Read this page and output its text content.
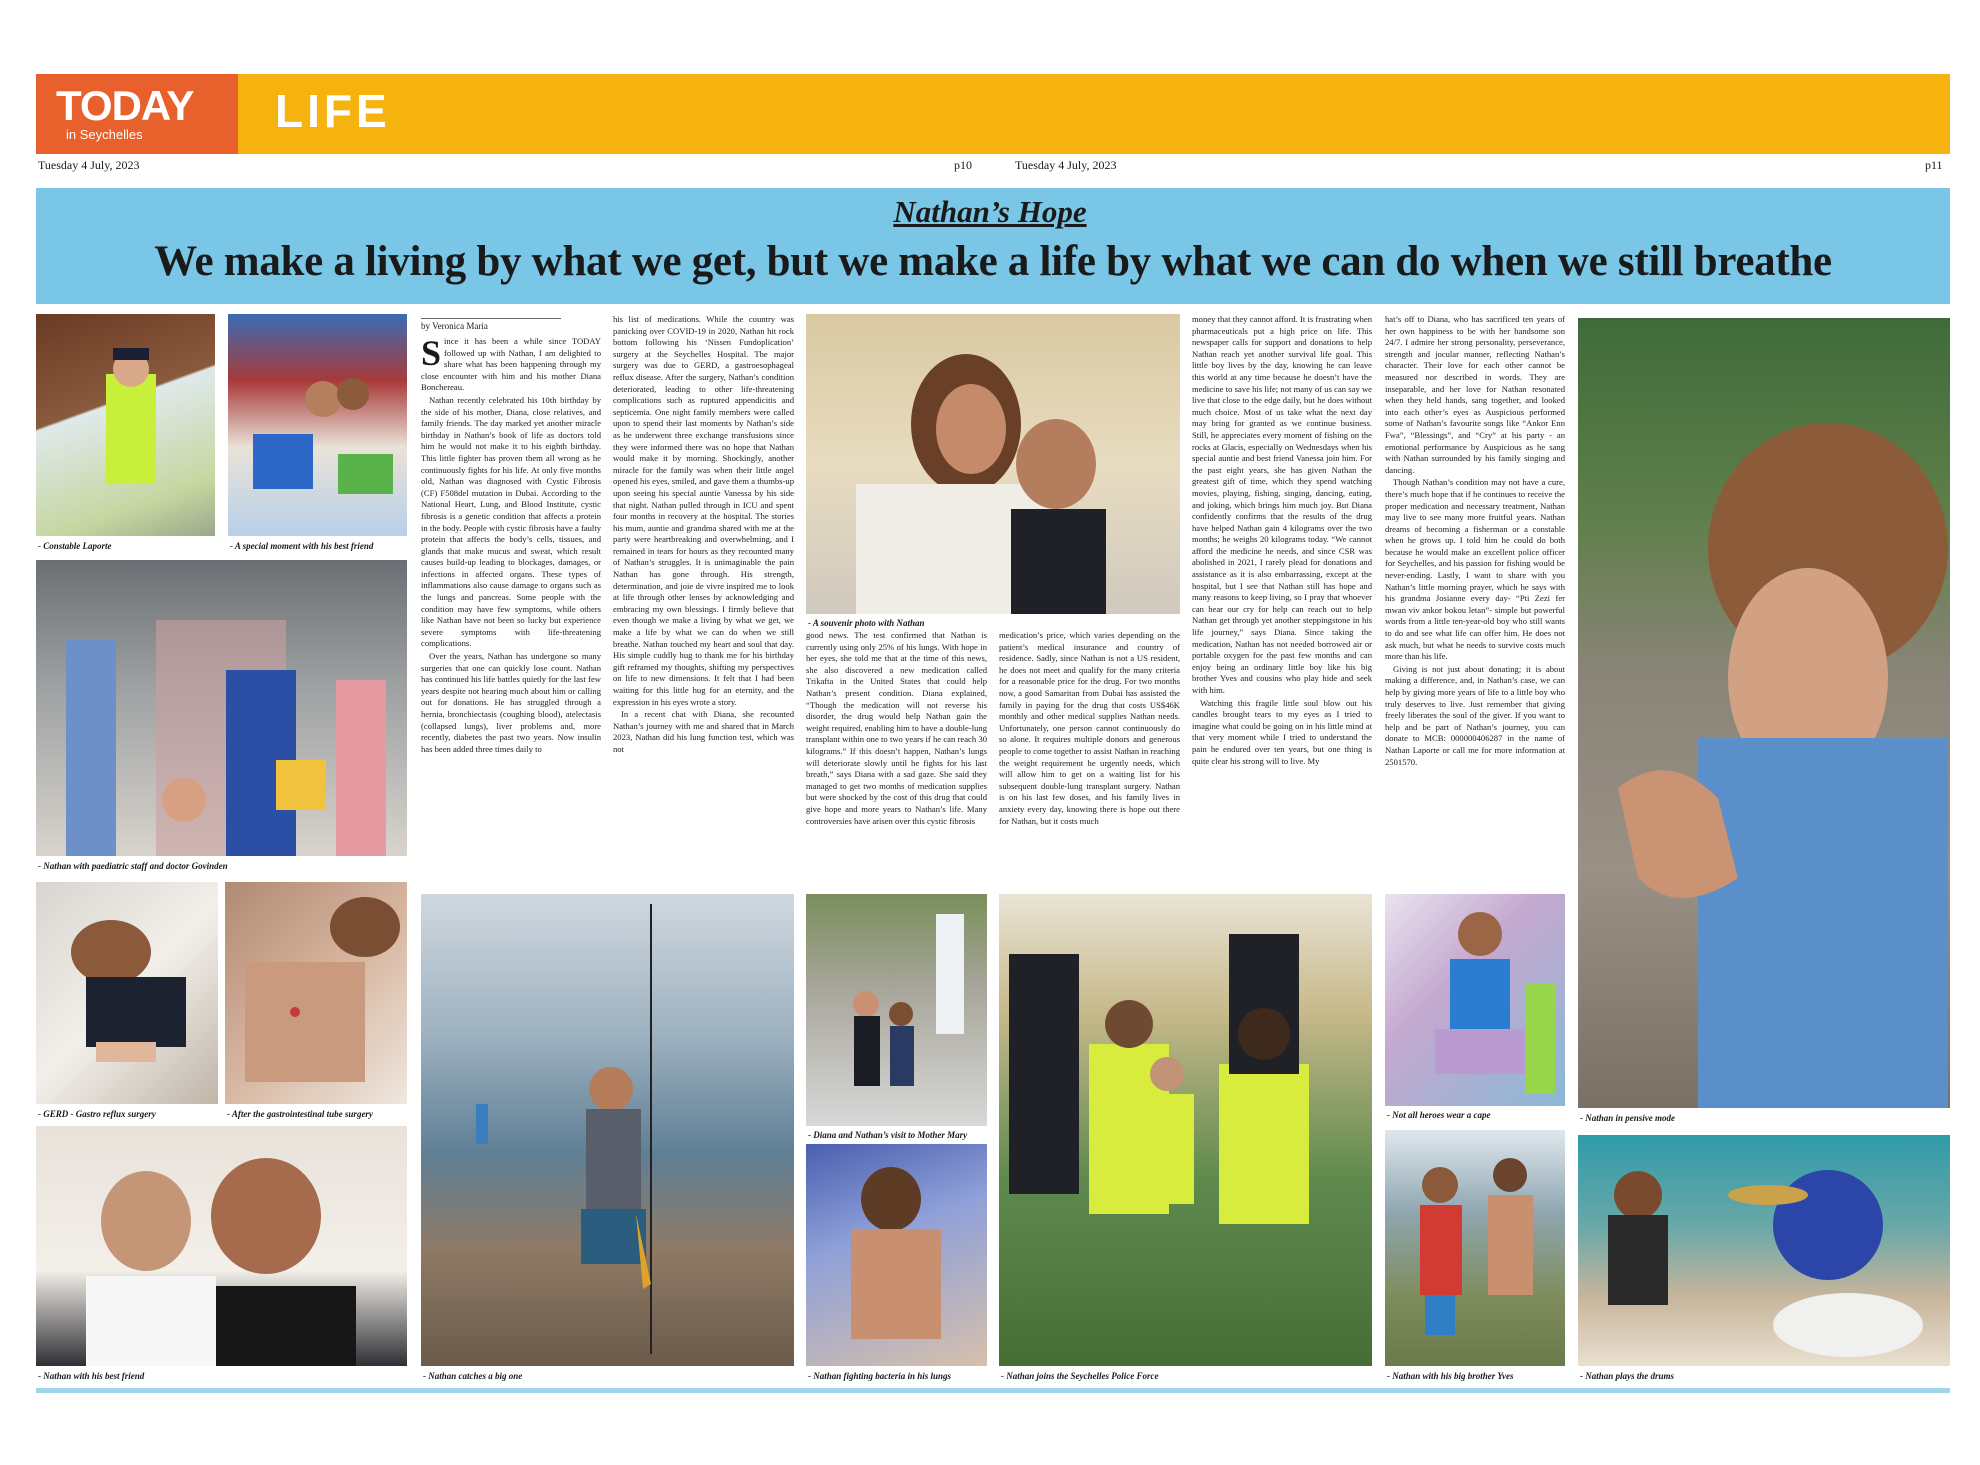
TODAY
in Seychelles	LIFE
Tuesday 4 July, 2023	p10	Tuesday 4 July, 2023	p11
Nathan’s Hope
We make a living by what we get, but we make a life by what we can do when we still breathe
- Constable Laporte	- A special moment with his best friend
- Nathan with paediatric staff and doctor Govinden
- GERD - Gastro reflux surgery	- After the gastrointestinal tube surgery
- Nathan with his best friend
by Veronica Maria

Since it has been a while since TODAY followed up with Nathan, I am delighted to share what has been happening through my close encounter with him and his mother Diana Bonchereau.

Nathan recently celebrated his 10th birthday by the side of his mother, Diana, close relatives, and family friends. The day marked yet another miracle birthday in Nathan’s book of life as doctors told him he would not make it to his eighth birthday. This little fighter has proven them all wrong as he continuously fights for his life. At only five months old, Nathan was diagnosed with Cystic Fibrosis (CF) F508del mutation in Dubai. According to the National Heart, Lung, and Blood Institute, cystic fibrosis is a genetic condition that affects a protein in the body. People with cystic fibrosis have a faulty protein that affects the body’s cells, tissues, and glands that make mucus and sweat, which result causes build-up leading to blockages, damages, or infections in affected organs. These types of inflammations also cause damage to organs such as the lungs and pancreas. Some people with the condition may have few symptoms, while others like Nathan have not been so lucky but experience severe symptoms with life-threatening complications.

Over the years, Nathan has undergone so many surgeries that one can quickly lose count. Nathan has continued his life battles quietly for the last few years despite not hearing much about him or calling out for donations. He has struggled through a hernia, bronchiectasis (coughing blood), atelectasis (collapsed lungs), liver problems and, more recently, diabetes the past two years. Now insulin has been added three times daily to

his list of medications. While the country was panicking over COVID-19 in 2020, Nathan hit rock bottom following his ‘Nissen Fundoplication’ surgery at the Seychelles Hospital. The major surgery was due to GERD, a gastroesophageal reflux disease. After the surgery, Nathan’s condition deteriorated, leading to other life-threatening complications such as ruptured appendicitis and septicemia. One night family members were called upon to spend their last moments by Nathan’s side as he underwent three exchange transfusions since they were informed there was no hope that Nathan would make it by morning. Shockingly, another miracle for the family was when their little angel opened his eyes, smiled, and gave them a thumbs-up upon seeing his special auntie Vanessa by his side that night. Nathan pulled through in ICU and spent four months in recovery at the hospital. The stories his mum, auntie and grandma shared with me at the party were heartbreaking and overwhelming, and I remained in tears for hours as they recounted many of Nathan’s struggles. It is unimaginable the pain Nathan has gone through. His strength, determination, and joie de vivre inspired me to look at life through other lenses by acknowledging and embracing my own blessings. I firmly believe that even though we make a living by what we get, we make a life by what we can do when we still breathe. Nathan touched my heart and soul that day. His simple cuddly hug to thank me for his birthday gift reframed my thoughts, shifting my perspectives on life to new dimensions. It felt that I had been waiting for this little hug for an eternity, and the expression in his eyes wrote a story.

In a recent chat with Diana, she recounted Nathan’s journey with me and shared that in March 2023, Nathan did his lung function test, which was not

good news. The test confirmed that Nathan is currently using only 25% of his lungs. With hope in her eyes, she told me that at the time of this news, she also discovered a new medication called Trikafta in the United States that could help Nathan’s present condition. Diana explained, “Though the medication will not reverse his disorder, the drug would help Nathan gain the weight required, enabling him to have a double-lung transplant within one to two years if he can reach 30 kilograms.” If this doesn’t happen, Nathan’s lungs will deteriorate slowly until he fights for his last breath,” says Diana with a sad gaze. She said they managed to get two months of medication supplies but were shocked by the cost of this drug that could give hope and more years to Nathan’s life. Many controversies have arisen over this cystic fibrosis

medication’s price, which varies depending on the patient’s medical insurance and country of residence. Sadly, since Nathan is not a US resident, he does not meet and qualify for the many criteria for a reasonable price for the drug. For two months now, a good Samaritan from Dubai has assisted the family in paying for the drug that costs US$46K monthly and other medical supplies Nathan needs. Unfortunately, one person cannot continuously do so alone. It requires multiple donors and generous people to come together to assist Nathan in reaching the weight requirement he urgently needs, which will allow him to get on a waiting list for his subsequent double-lung transplant surgery. Nathan is on his last few doses, and his family lives in anxiety every day, knowing there is hope out there for Nathan, but it costs much

money that they cannot afford. It is frustrating when pharmaceuticals put a high price on life. This newspaper calls for support and donations to help Nathan reach yet another survival life goal. This little boy lives by the day, knowing he can leave this world at any time because he doesn’t have the medicine to save his life; not many of us can say we live that close to the edge daily, but he does without much choice. Most of us take what the next day may bring for granted as we continue business. Still, he appreciates every moment of fishing on the rocks at Glacis, especially on Wednesdays when his special auntie and best friend Vanessa join him. For the past eight years, she has given Nathan the greatest gift of time, which they spend watching movies, playing, fishing, singing, dancing, eating, and joking, which brings him much joy. But Diana confidently confirms that the results of the drug have helped Nathan gain 4 kilograms over the two months; he weighs 20 kilograms today. “We cannot afford the medicine he needs, and since CSR was abolished in 2021, I rarely plead for donations and assistance as it is also embarrassing, except at the hospital, but I see that Nathan still has hope and many reasons to keep living, so I pray that whoever can hear our cry for help can reach out to help Nathan get through yet another steppingstone in his life journey,” says Diana. Since taking the medication, Nathan has not needed borrowed air or portable oxygen for the past few months and can enjoy being an ordinary little boy like his big brother Yves and cousins who play hide and seek with him.

Watching this fragile little soul blow out his candles brought tears to my eyes as I tried to imagine what could be going on in his little mind at that very moment while I tried to understand the pain he endured over ten years, but one thing is quite clear his strong will to live. My

hat’s off to Diana, who has sacrificed ten years of her own happiness to be with her handsome son 24/7. I admire her strong personality, perseverance, strength and jocular manner, reflecting Nathan’s character. Their love for each other cannot be measured nor described in words. They are inseparable, and her love for Nathan resonated when they held hands, sang together, and looked into each other’s eyes as Auspicious performed some of Nathan’s favourite songs like “Ankor Enn Fwa”, “Blessings”, and “Cry” at his party - an emotional performance by Auspicious as he sang with Nathan surrounded by his family singing and dancing.

Though Nathan’s condition may not have a cure, there’s much hope that if he continues to receive the proper medication and necessary treatment, Nathan may live to see many more fruitful years. Nathan dreams of becoming a fisherman or a constable when he grows up. I told him he could do both because he would make an excellent police officer for Seychelles, and his passion for fishing would be never-ending. Lastly, I want to share with you Nathan’s little morning prayer, which he says with his grandma Josianne every day- “Pti Zezi fer mwan viv ankor bokou letan”- simple but powerful words from a little ten-year-old boy who still wants to do and see what life can offer him. He does not ask much, but what he needs to survive costs much more than his life.

Giving is not just about donating; it is about making a difference, and, in Nathan’s case, we can help by giving more years of life to a little boy who truly deserves to live. Just remember that giving freely liberates the soul of the giver. If you want to help and be part of Nathan’s journey, you can donate to MCB: 000000406287 in the name of Nathan Laporte or call me for more information at 2501570.

- A souvenir photo with Nathan
- Nathan catches a big one
- Diana and Nathan’s visit to Mother Mary
- Nathan fighting bacteria in his lungs	- Nathan joins the Seychelles Police Force
- Not all heroes wear a cape
- Nathan with his big brother Yves
- Nathan in pensive mode
- Nathan plays the drums
